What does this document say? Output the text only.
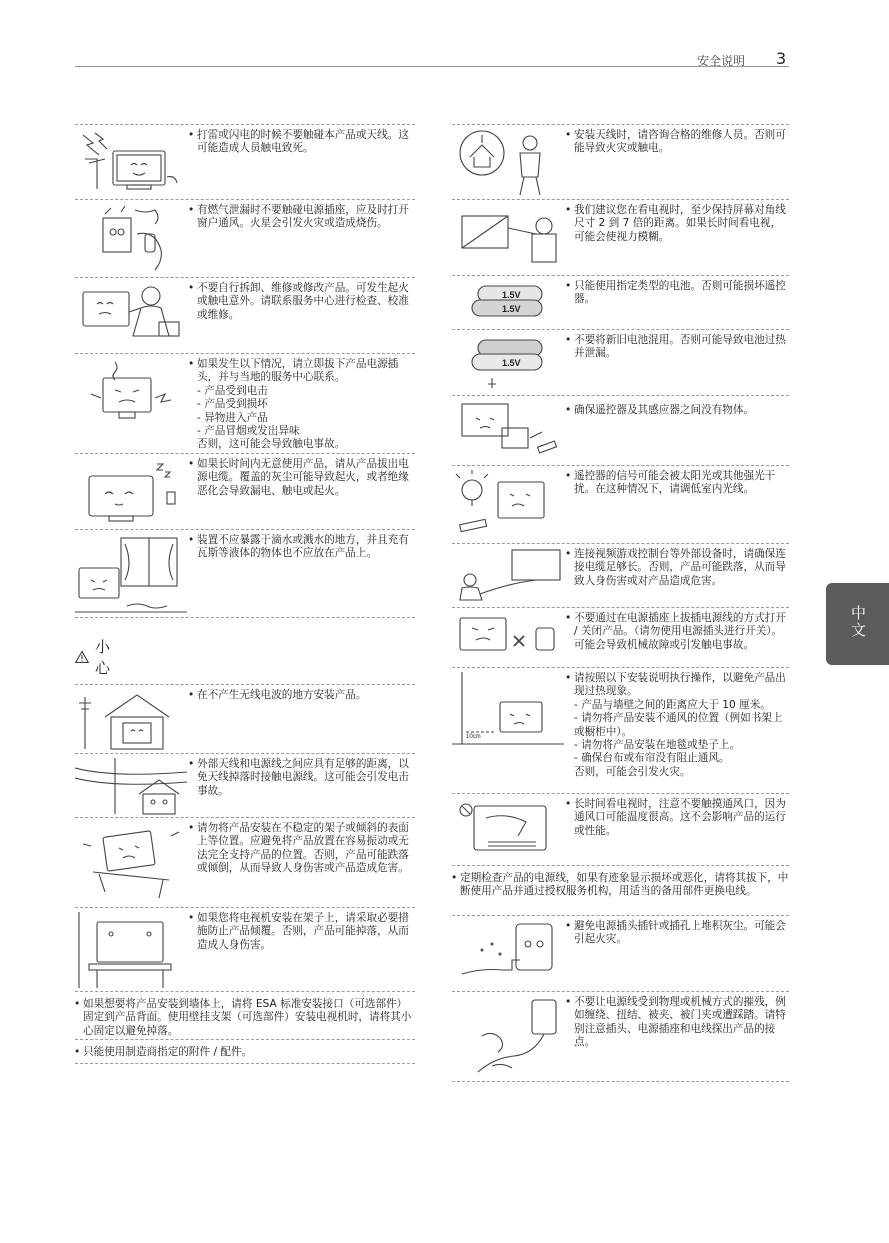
安全说明 3
• 打雷或闪电的时候不要触碰本产品或天线。这可能造成人员触电致死。
• 有燃气泄漏时不要触碰电源插座，应及时打开窗户通风。火星会引发火灾或造成烧伤。
• 不要自行拆卸、维修或修改产品。可发生起火或触电意外。请联系服务中心进行检查、校准或维修。
• 如果发生以下情况，请立即拔下产品电源插头，并与当地的服务中心联系。
- 产品受到电击
- 产品受到损坏
- 异物进入产品
- 产品冒烟或发出异味
否则，这可能会导致触电事故。
• 如果长时间内无意使用产品，请从产品拔出电源电缆。覆盖的灰尘可能导致起火，或者绝缘恶化会导致漏电、触电或起火。
• 装置不应暴露于滴水或溅水的地方，并且充有瓦斯等液体的物体也不应放在产品上。
小心
• 在不产生无线电波的地方安装产品。
• 外部天线和电源线之间应具有足够的距离，以免天线掉落时接触电源线。这可能会引发电击事故。
• 请勿将产品安装在不稳定的架子或倾斜的表面上等位置。应避免将产品放置在容易振动或无法完全支持产品的位置。否则，产品可能跌落或倾倒，从而导致人身伤害或产品造成危害。
• 如果您将电视机安装在架子上，请采取必要措施防止产品倾覆。否则，产品可能掉落，从而造成人身伤害。
• 如果想要将产品安装到墙体上，请将 ESA 标准安装接口（可选部件）固定到产品背面。使用壁挂支架（可选部件）安装电视机时，请将其小心固定以避免掉落。
• 只能使用制造商指定的附件 / 配件。
• 安装天线时，请咨询合格的维修人员。否则可能导致火灾或触电。
• 我们建议您在看电视时，至少保持屏幕对角线尺寸 2 到 7 倍的距离。如果长时间看电视，可能会使视力模糊。
1.5V
1.5V
• 只能使用指定类型的电池。否则可能损坏遥控器。
1.5V
• 不要将新旧电池混用。否则可能导致电池过热并泄漏。
• 确保遥控器及其感应器之间没有物体。
• 遥控器的信号可能会被太阳光或其他强光干扰。在这种情况下，请调低室内光线。
• 连接视频游戏控制台等外部设备时，请确保连接电缆足够长。否则，产品可能跌落，从而导致人身伤害或对产品造成危害。
• 不要通过在电源插座上拔插电源线的方式打开 / 关闭产品。（请勿使用电源插头进行开关）。可能会导致机械故障或引发触电事故。
10cm
• 请按照以下安装说明执行操作，以避免产品出现过热现象。
- 产品与墙壁之间的距离应大于 10 厘米。
- 请勿将产品安装不通风的位置（例如书架上或橱柜中）。
- 请勿将产品安装在地毯或垫子上。
- 确保台布或布帘没有阻止通风。
否则，可能会引发火灾。
• 长时间看电视时，注意不要触摸通风口，因为通风口可能温度很高。这不会影响产品的运行或性能。
• 定期检查产品的电源线，如果有迹象显示损坏或恶化，请将其拔下，中断使用产品并通过授权服务机构，用适当的备用部件更换电线。
• 避免电源插头插针或插孔上堆积灰尘。可能会引起火灾。
• 不要让电源线受到物理或机械方式的摧残，例如缠绕、扭结、被夹、被门夹或遭踩踏。请特别注意插头、电源插座和电线探出产品的接点。
中文
